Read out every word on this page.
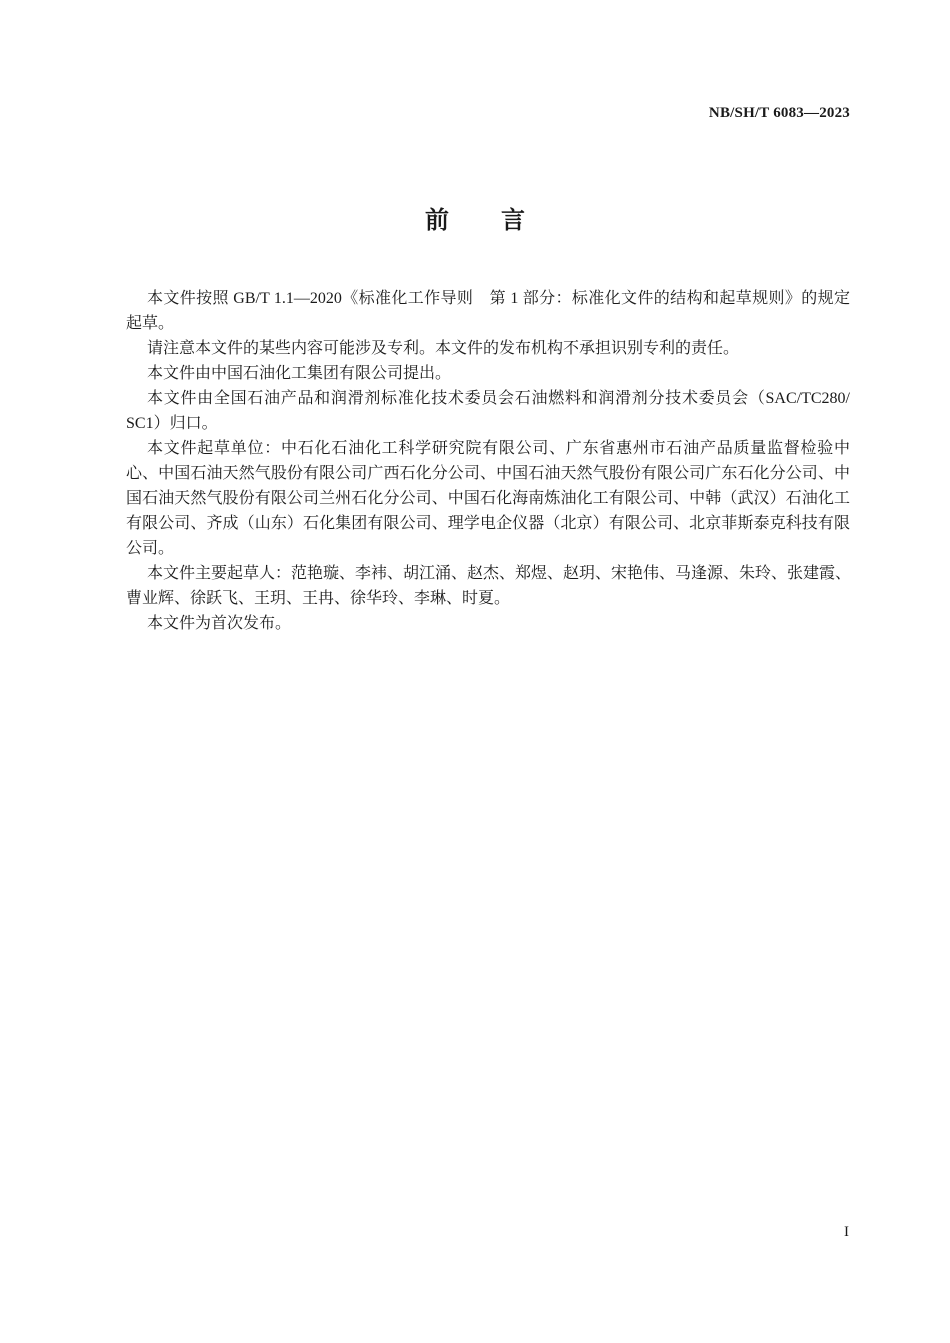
NB/SH/T 6083—2023
前言
本文件按照 GB/T 1.1—2020《标准化工作导则　第 1 部分：标准化文件的结构和起草规则》的规定
起草。
请注意本文件的某些内容可能涉及专利。本文件的发布机构不承担识别专利的责任。
本文件由中国石油化工集团有限公司提出。
本文件由全国石油产品和润滑剂标准化技术委员会石油燃料和润滑剂分技术委员会（SAC/TC280/
SC1）归口。
本文件起草单位：中石化石油化工科学研究院有限公司、广东省惠州市石油产品质量监督检验中
心、中国石油天然气股份有限公司广西石化分公司、中国石油天然气股份有限公司广东石化分公司、中
国石油天然气股份有限公司兰州石化分公司、中国石化海南炼油化工有限公司、中韩（武汉）石油化工
有限公司、齐成（山东）石化集团有限公司、理学电企仪器（北京）有限公司、北京菲斯泰克科技有限
公司。
本文件主要起草人：范艳璇、李袆、胡江涌、赵杰、郑煜、赵玥、宋艳伟、马逢源、朱玲、张建霞、
曹业辉、徐跃飞、王玥、王冉、徐华玲、李琳、时夏。
本文件为首次发布。
I
